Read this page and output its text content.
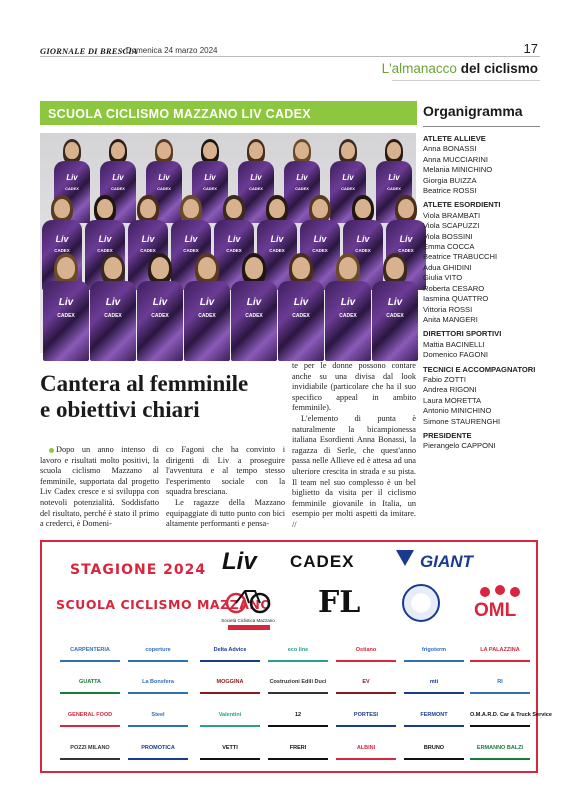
GIORNALE DI BRESCIA
· Domenica 24 marzo 2024	17
L'almanacco del ciclismo
SCUOLA CICLISMO MAZZANO LIV CADEX	Organigramma
Liv
CADEX
Liv
CADEX
Liv
CADEX
Liv
CADEX
Liv
CADEX
Liv
CADEX
Liv
CADEX
Liv
CADEX
Liv
CADEX
Liv
CADEX
Liv
CADEX
Liv
CADEX
Liv
CADEX
Liv
CADEX
Liv
CADEX
Liv
CADEX
Liv
CADEX
Liv
CADEX
Liv
CADEX
Liv
CADEX
Liv
CADEX
Liv
CADEX
Liv
CADEX
Liv
CADEX
Liv
CADEX
Cantera al femminile
e obiettivi chiari

Dopo un anno intenso di lavoro e risultati molto positivi, la scuola ciclismo Mazzano al femminile, supportata dal progetto Liv Cadex cresce e si sviluppa con notevoli potenzialità. Soddisfatto del risultato, perché è stato il primo a crederci, è Domeni-

co Fagoni che ha convinto i dirigenti di Liv a proseguire l'avventura e al tempo stesso l'esperimento sociale con la squadra bresciana.

Le ragazze della Mazzano equipaggiate di tutto punto con bici altamente performanti e pensa-

te per le donne possono contare anche su una divisa dal look invidiabile (particolare che ha il suo specifico appeal in ambito femminile).

L'elemento di punta è naturalmente la bicampionessa italiana Esordienti Anna Bonassi, la ragazza di Serle, che quest'anno passa nelle Allieve ed è attesa ad una ulteriore crescita in strada e su pista. Il team nel suo complesso è un bel biglietto da visita per il ciclismo femminile giovanile in Italia, un esempio per molti aspetti da imitare. //

ATLETE ALLIEVE
Anna BONASSI
Anna MUCCIARINI
Melania MINICHINO
Giorgia BUIZZA
Beatrice ROSSI
ATLETE ESORDIENTI
Viola BRAMBATI
Viola SCAPUZZI
Viola BOSSINI
Emma COCCA
Beatrice TRABUCCHI
Adua GHIDINI
Giulia VITO
Roberta CESARO
Iasmina QUATTRO
Vittoria ROSSI
Anita MANGERI
DIRETTORI SPORTIVI
Mattia BACINELLI
Domenico FAGONI
TECNICI E ACCOMPAGNATORI
Fabio ZOTTI
Andrea RIGONI
Laura MORETTA
Antonio MINICHINO
Simone STAURENGHI
PRESIDENTE
Pierangelo CAPPONI
STAGIONE 2024
SCUOLA CICLISMO MAZZANO
Liv CADEX	GIANT
Società Ciclistica Mazzano
FL	OML
CARPENTERIA	coperture	Delta Advice	eco line	Ostiano	frigoterm	LA PALAZZINA
GUATTA	La Bonsfera	MOGGINA	Costruzioni Edili Duci	EV	mti	RI
GENERAL FOOD	Steel	Valentini	12	PORTESI	FERMONT	O.M.A.R.D. Car & Truck Service
POZZI MILANO	PROMOTICA	VETTI	FRERI	ALBINI	BRUNO	ERMANNO BALZI
